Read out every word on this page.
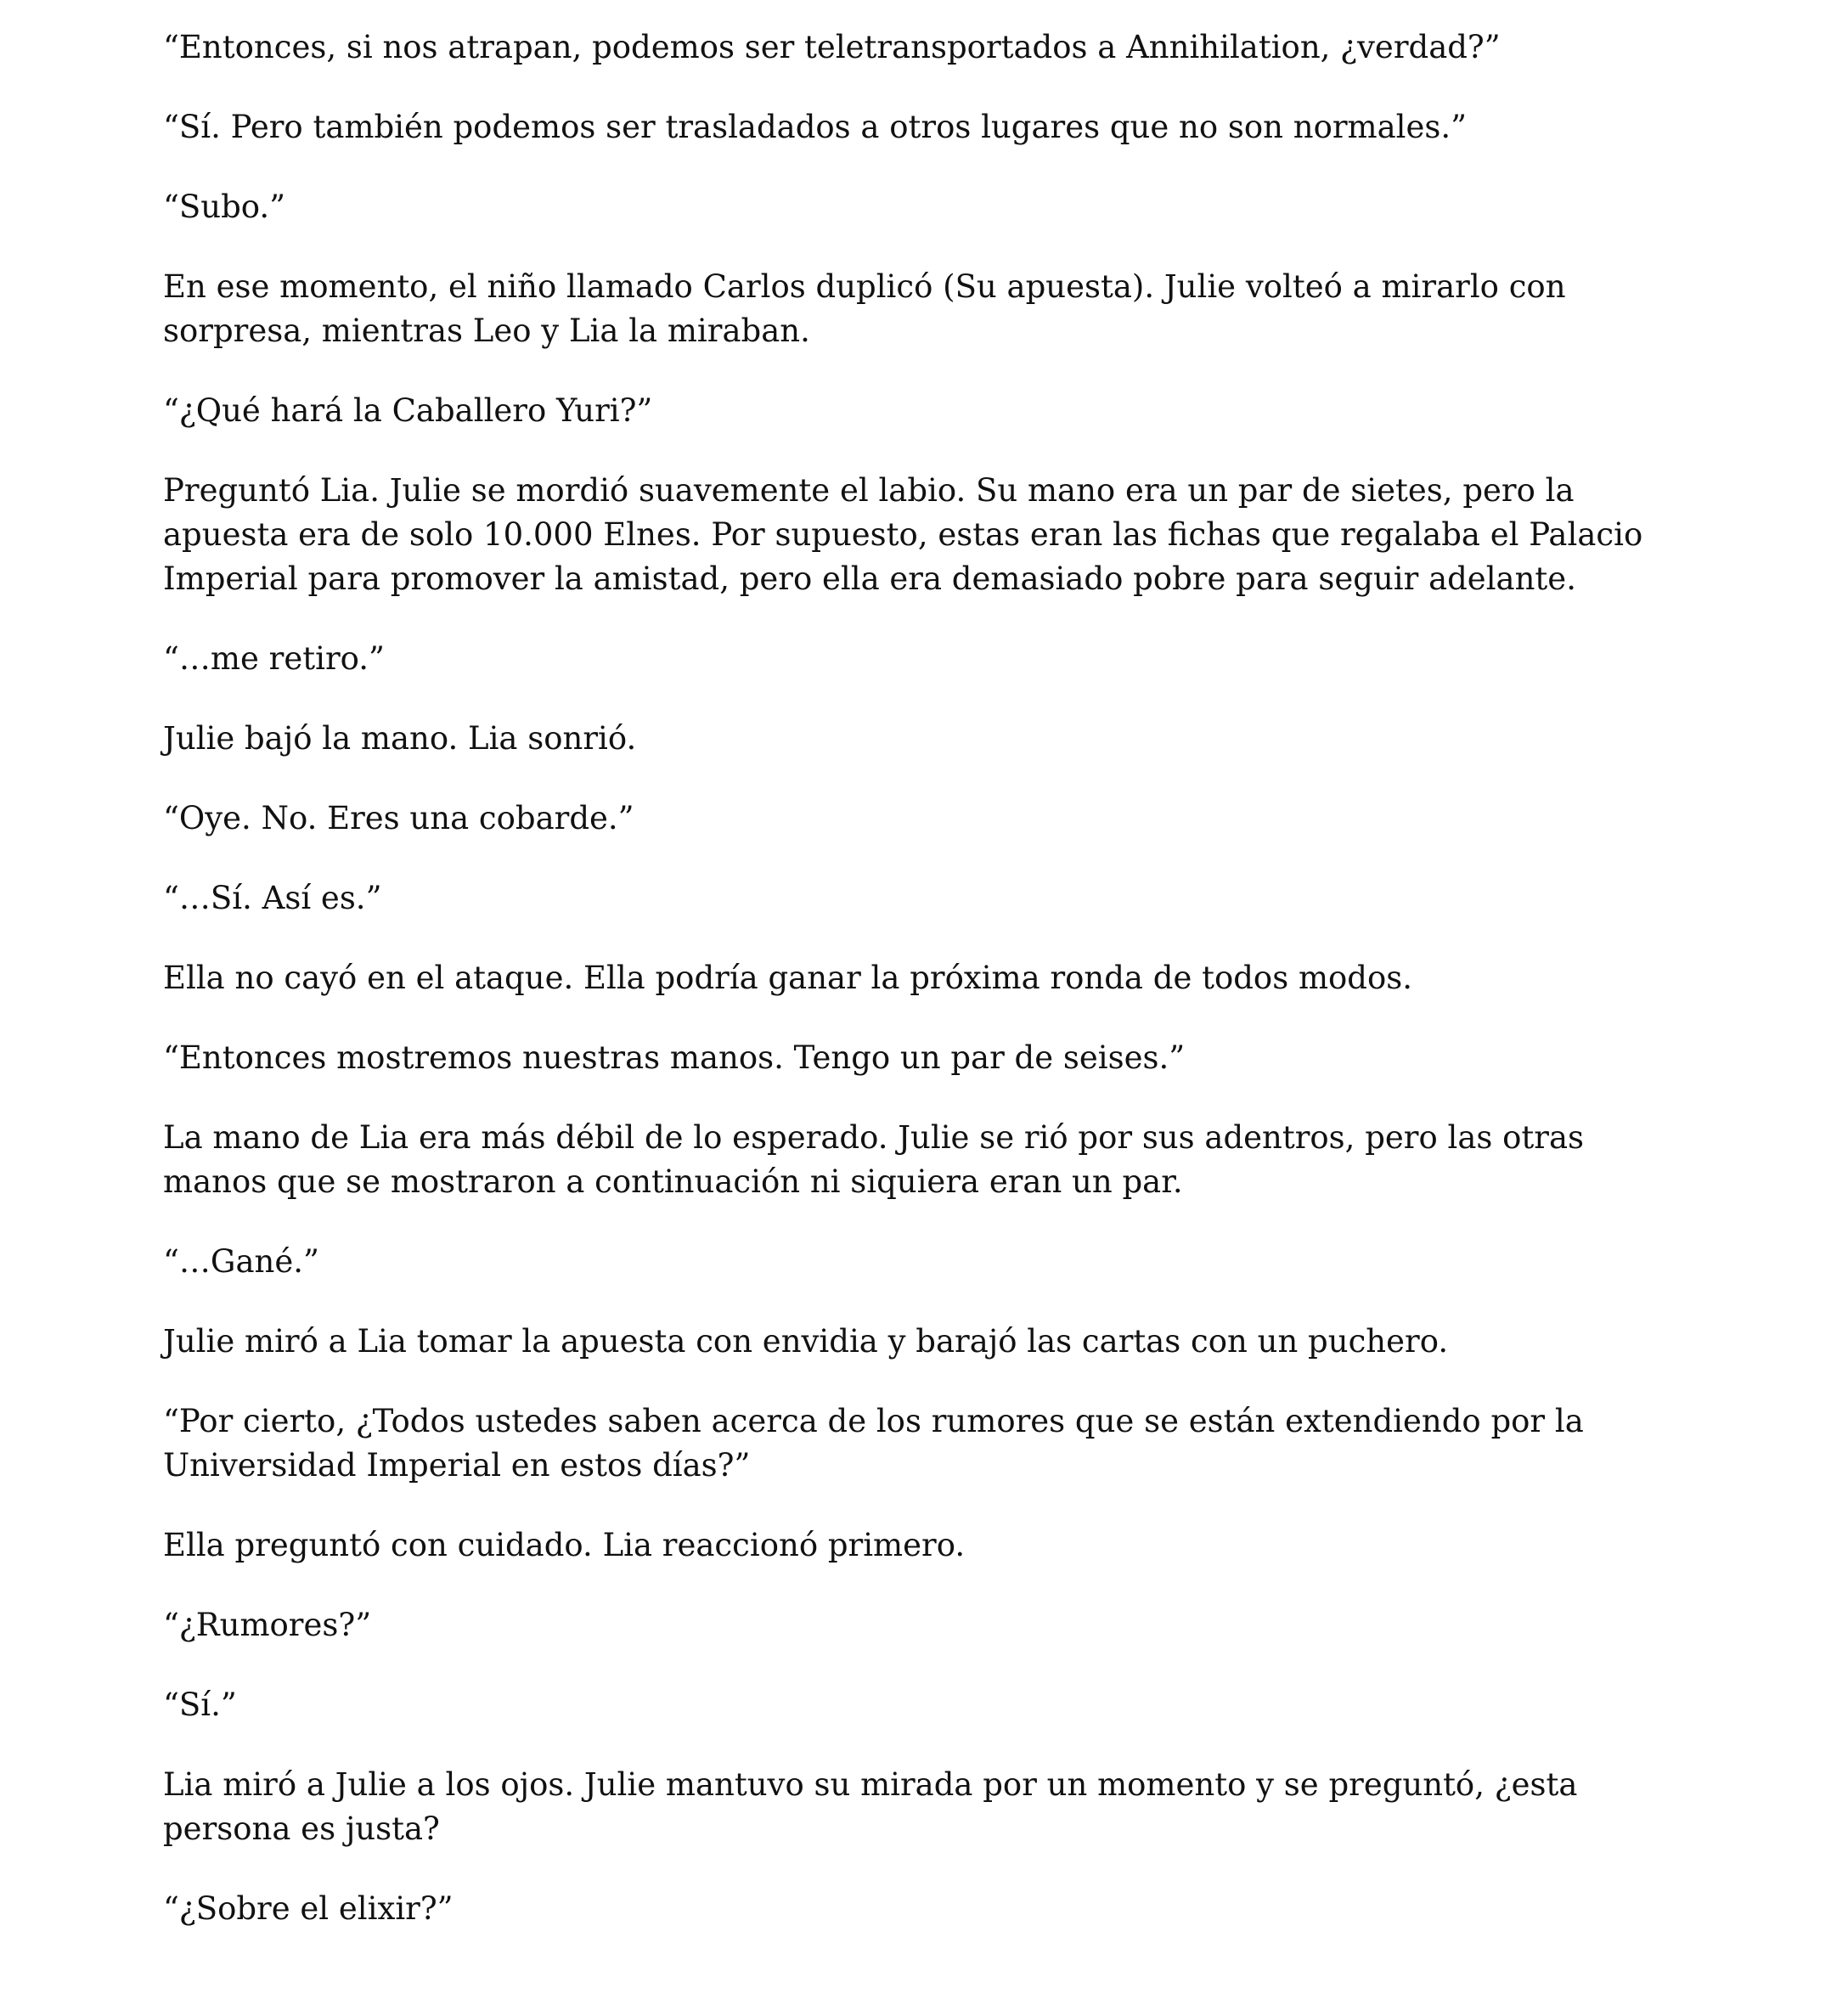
“Entonces, si nos atrapan, podemos ser teletransportados a Annihilation, ¿verdad?”

“Sí. Pero también podemos ser trasladados a otros lugares que no son normales.”

“Subo.”

En ese momento, el niño llamado Carlos duplicó (Su apuesta). Julie volteó a mirarlo con sorpresa, mientras Leo y Lia la miraban.

“¿Qué hará la Caballero Yuri?”

Preguntó Lia. Julie se mordió suavemente el labio. Su mano era un par de sietes, pero la apuesta era de solo 10.000 Elnes. Por supuesto, estas eran las fichas que regalaba el Palacio Imperial para promover la amistad, pero ella era demasiado pobre para seguir adelante.

“…me retiro.”

Julie bajó la mano. Lia sonrió.

“Oye. No. Eres una cobarde.”

“…Sí. Así es.”

Ella no cayó en el ataque. Ella podría ganar la próxima ronda de todos modos.

“Entonces mostremos nuestras manos. Tengo un par de seises.”

La mano de Lia era más débil de lo esperado. Julie se rió por sus adentros, pero las otras manos que se mostraron a continuación ni siquiera eran un par.

“…Gané.”

Julie miró a Lia tomar la apuesta con envidia y barajó las cartas con un puchero.

“Por cierto, ¿Todos ustedes saben acerca de los rumores que se están extendiendo por la Universidad Imperial en estos días?”

Ella preguntó con cuidado. Lia reaccionó primero.

“¿Rumores?”

“Sí.”

Lia miró a Julie a los ojos. Julie mantuvo su mirada por un momento y se preguntó, ¿esta persona es justa?

“¿Sobre el elixir?”
